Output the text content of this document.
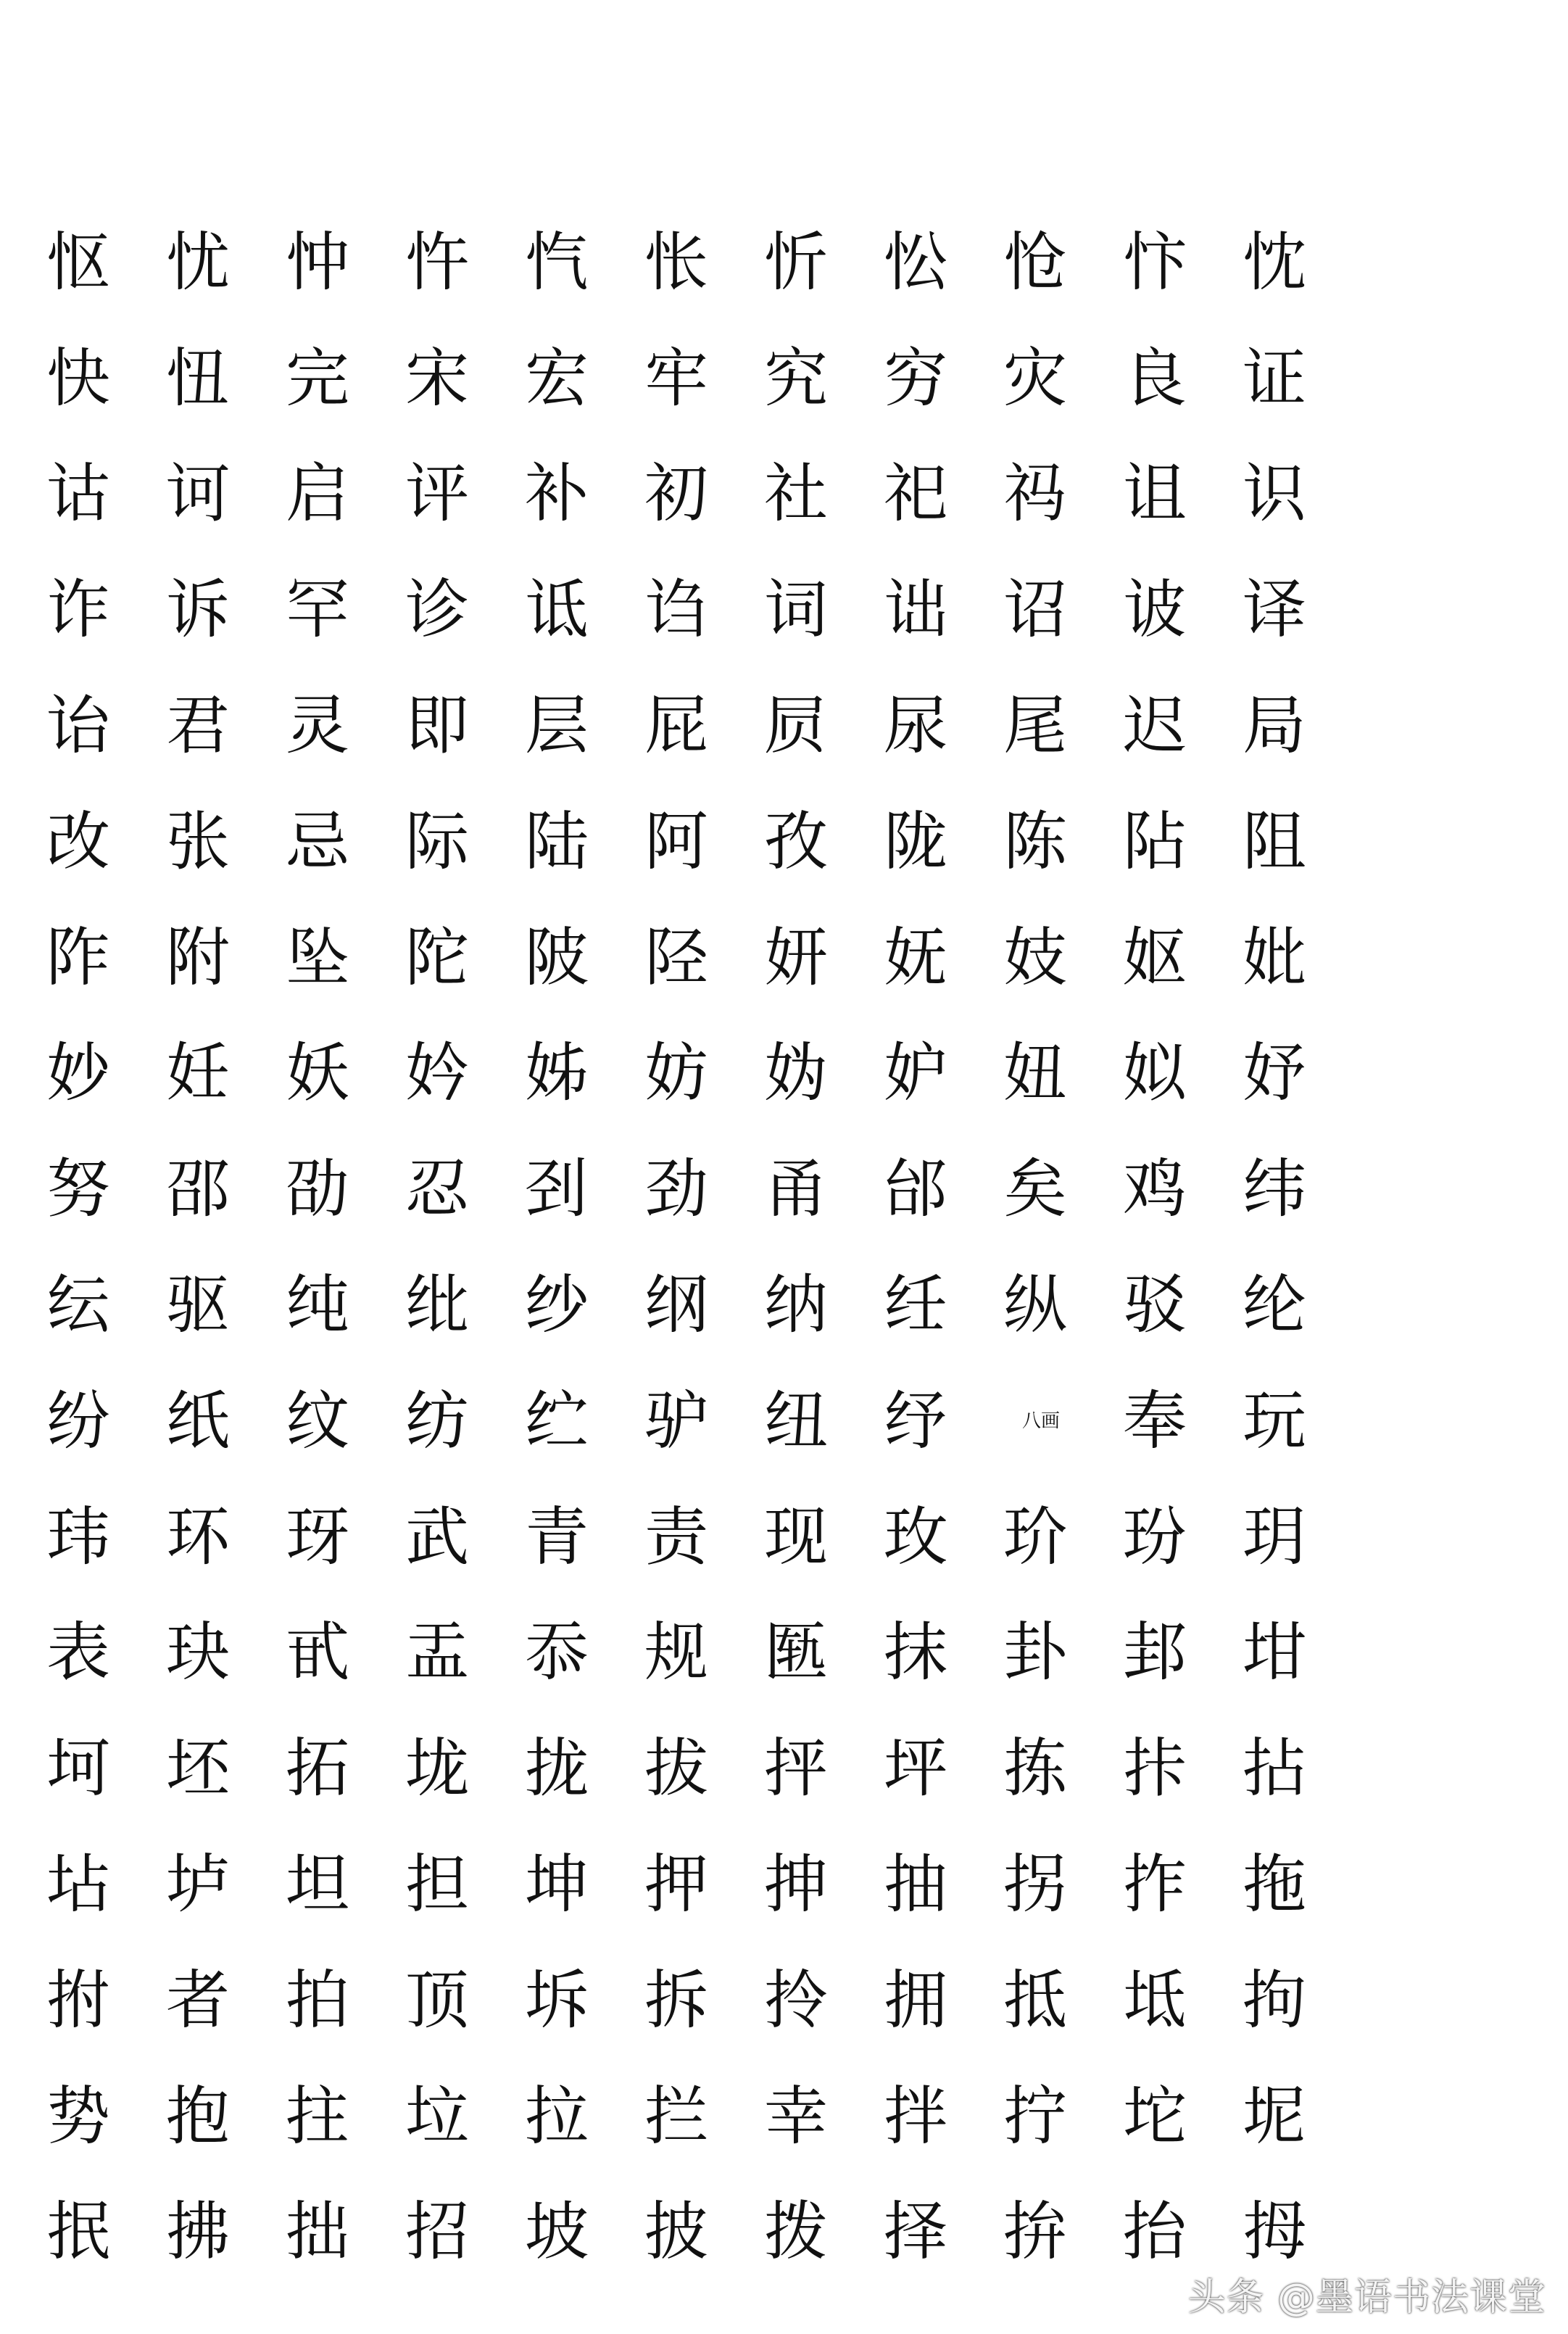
怄 忧 忡 忤 忾 怅 忻 忪 怆 忭 忱
快 忸 完 宋 宏 牢 究 穷 灾 良 证
诂 诃 启 评 补 初 社 祀 祃 诅 识
诈 诉 罕 诊 诋 诌 词 诎 诏 诐 译
诒 君 灵 即 层 屁 屃 尿 尾 迟 局
改 张 忌 际 陆 阿 孜 陇 陈 阽 阻
阼 附 坠 陀 陂 陉 妍 妩 妓 妪 妣
妙 妊 妖 妗 姊 妨 妫 妒 妞 姒 妤
努 邵 劭 忍 刭 劲 甬 邰 矣 鸡 纬
纭 驱 纯 纰 纱 纲 纳 纴 纵 驳 纶
纷 纸 纹 纺 纻 驴 纽 纾	八画 奉 玩
玮 环 玡 武 青 责 现 玫 玠 玢 玥
表 玦 甙 盂 忝 规 匦 抹 卦 邽 坩
坷 坯 拓 垅 拢 拔 抨 坪 拣 拤 拈
坫 垆 坦 担 坤 押 抻 抽 拐 拃 拖
拊 者 拍 顶 坼 拆 拎 拥 抵 坻 拘
势 抱 拄 垃 拉 拦 幸 拌 拧 坨 坭
抿 拂 拙 招 坡 披 拨 择 拚 抬 拇
头条 @墨语书法课堂
